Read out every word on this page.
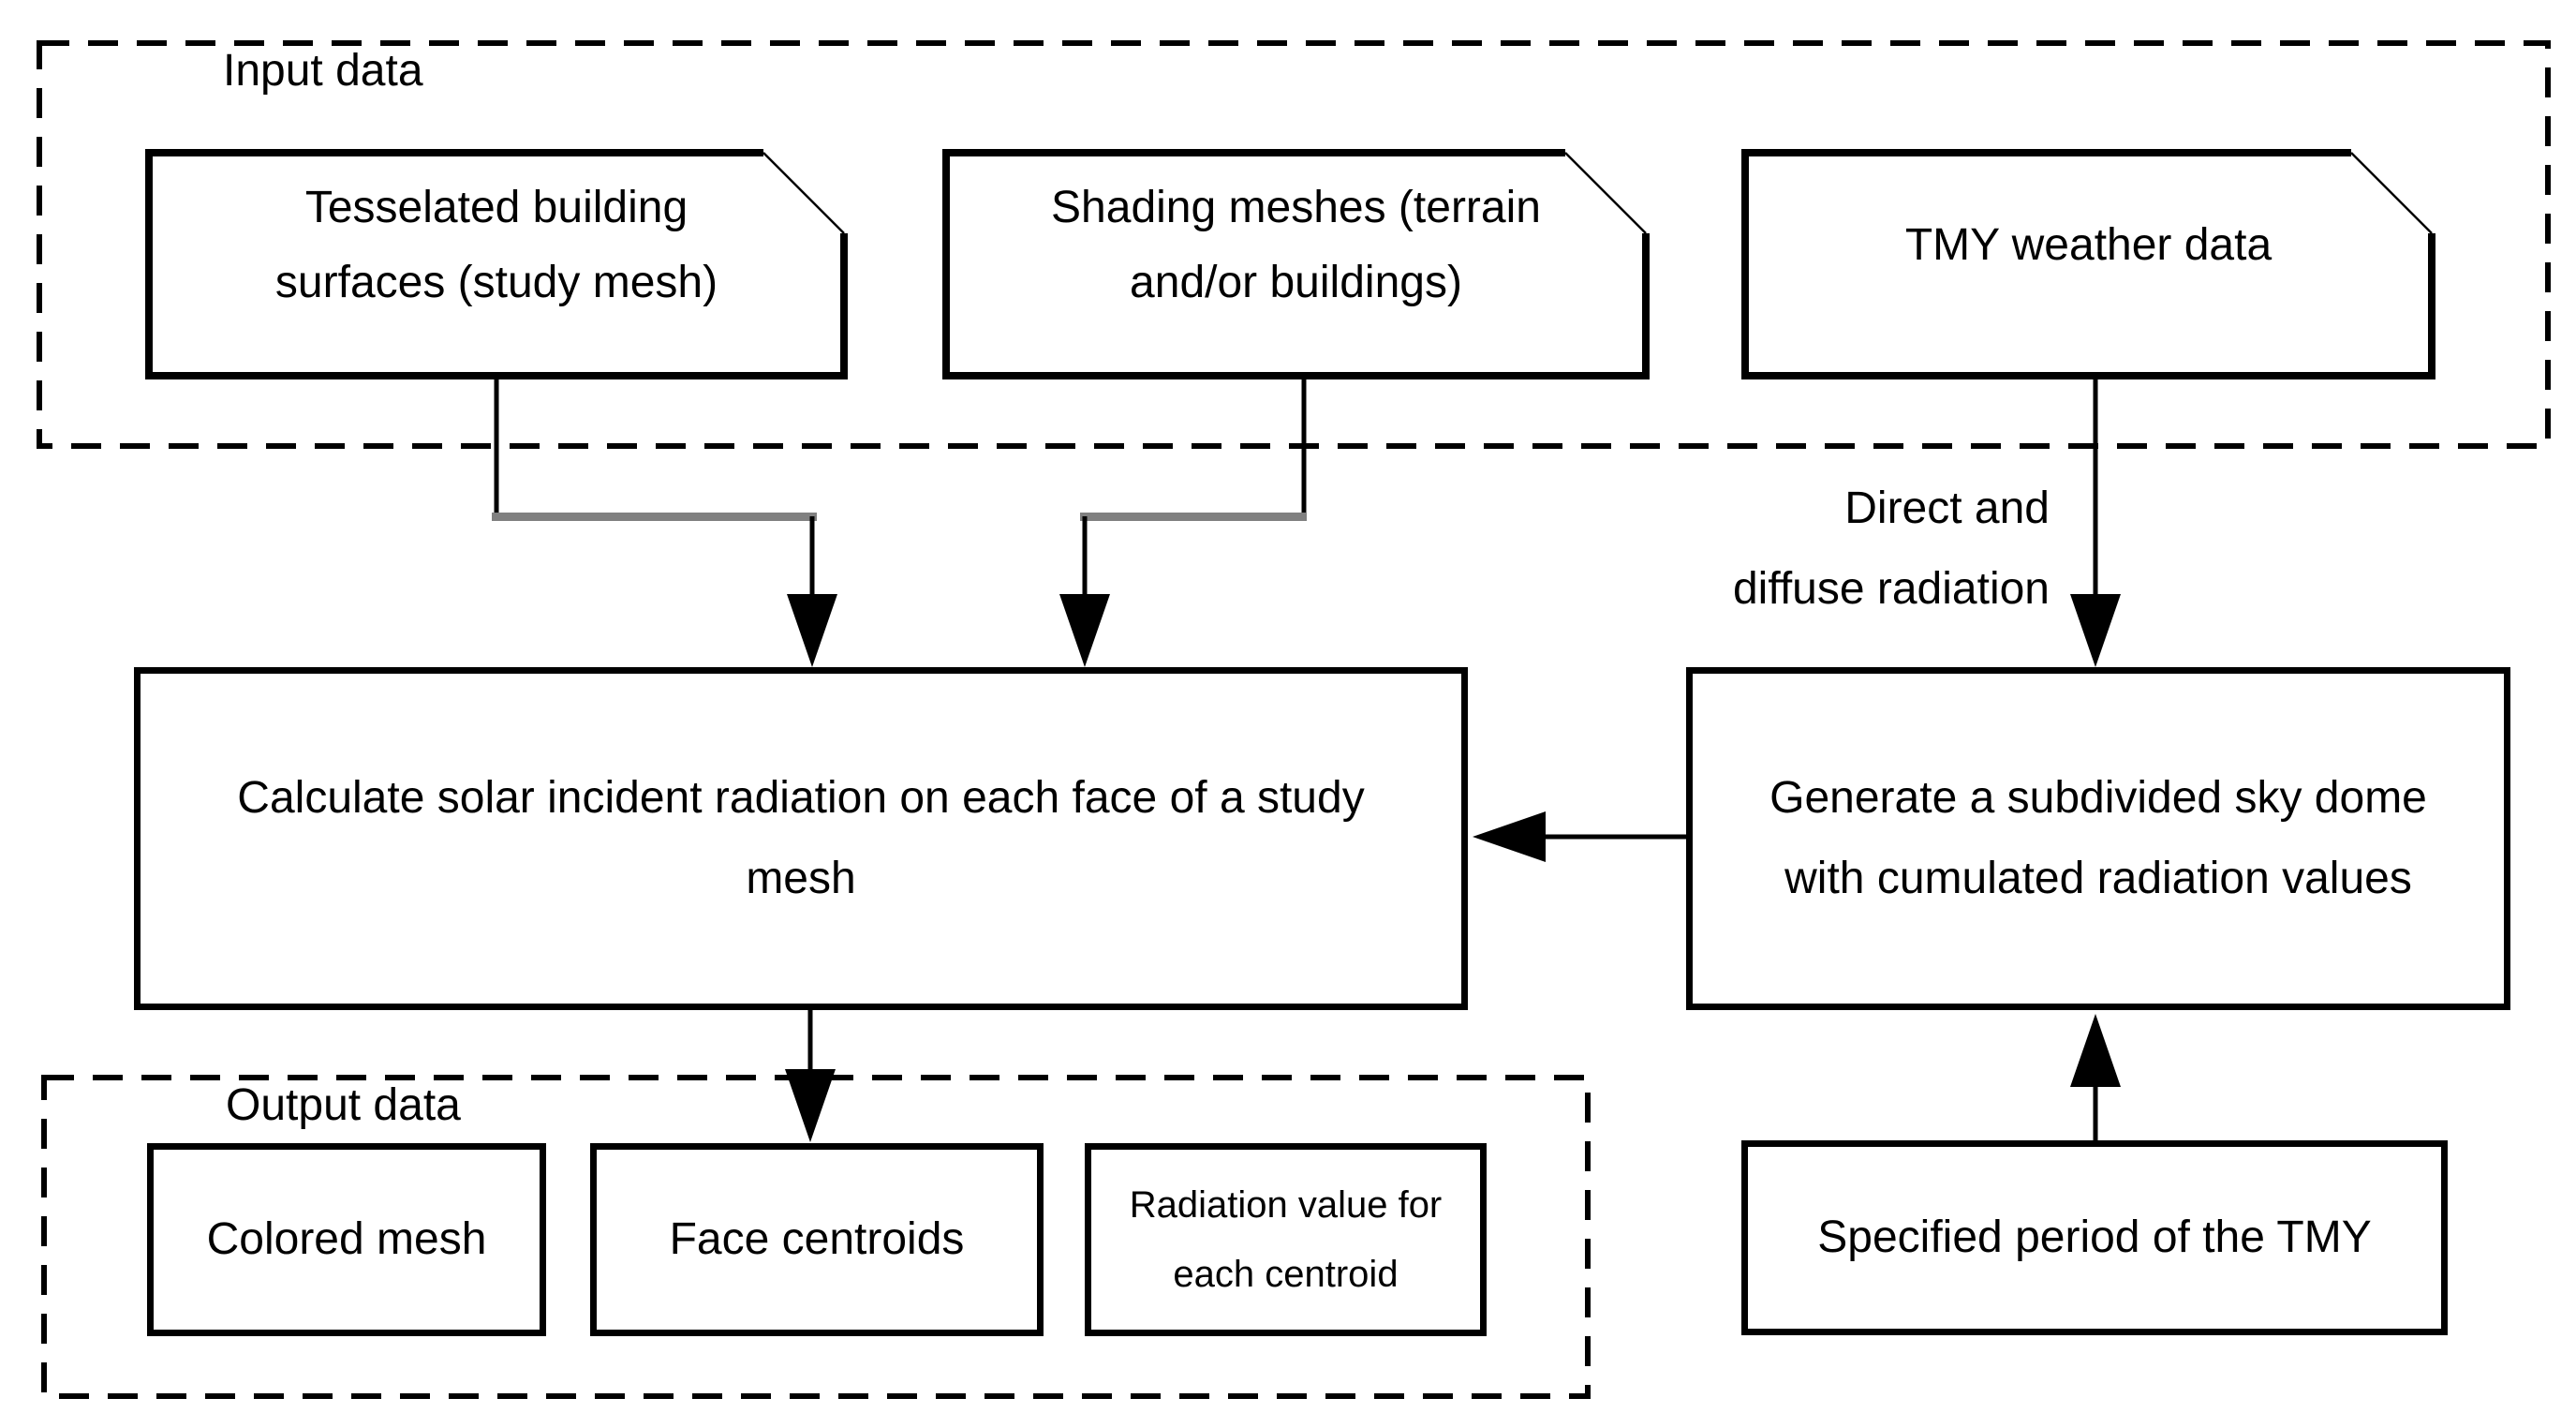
Input data
Output data
Tesselated building
surfaces (study mesh)
Shading meshes (terrain
and/or buildings)
TMY weather data
Direct and
diffuse radiation
Calculate solar incident radiation on each face of a study
mesh
Generate a subdivided sky dome
with cumulated radiation values
Colored mesh	Face centroids
Radiation value for
each centroid
Specified period of the TMY
